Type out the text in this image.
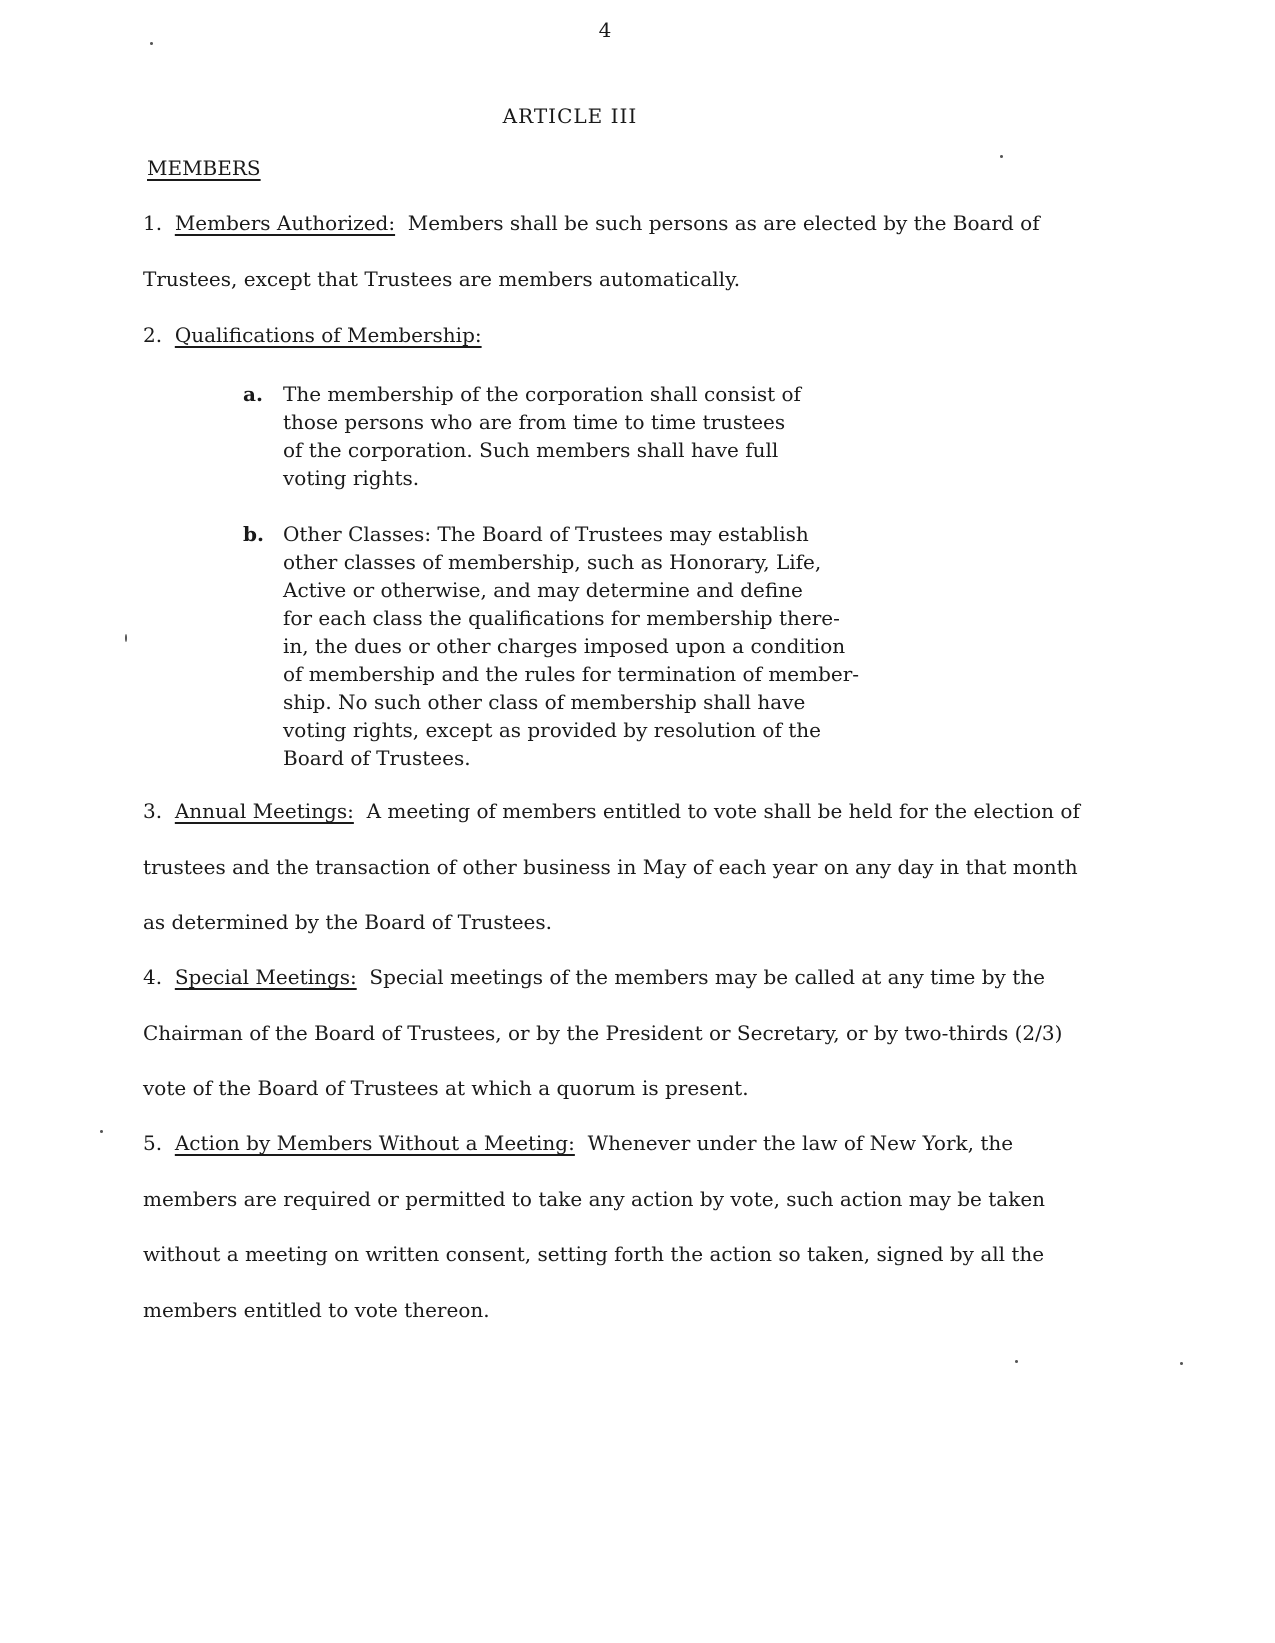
4
ARTICLE III
MEMBERS

1. Members Authorized: Members shall be such persons as are elected by the Board of Trustees, except that Trustees are members automatically.

2. Qualifications of Membership:

a.	The membership of the corporation shall consist of
those persons who are from time to time trustees
of the corporation. Such members shall have full
voting rights.
b. Other Classes: The Board of Trustees may establish
other classes of membership, such as Honorary, Life,
Active or otherwise, and may determine and define
for each class the qualifications for membership there-
in, the dues or other charges imposed upon a condition
of membership and the rules for termination of member-
ship. No such other class of membership shall have
voting rights, except as provided by resolution of the
Board of Trustees.

3. Annual Meetings: A meeting of members entitled to vote shall be held for the election of trustees and the transaction of other business in May of each year on any day in that month as determined by the Board of Trustees.

4. Special Meetings: Special meetings of the members may be called at any time by the Chairman of the Board of Trustees, or by the President or Secretary, or by two-thirds (2/3) vote of the Board of Trustees at which a quorum is present.

5. Action by Members Without a Meeting: Whenever under the law of New York, the members are required or permitted to take any action by vote, such action may be taken without a meeting on written consent, setting forth the action so taken, signed by all the members entitled to vote thereon.
